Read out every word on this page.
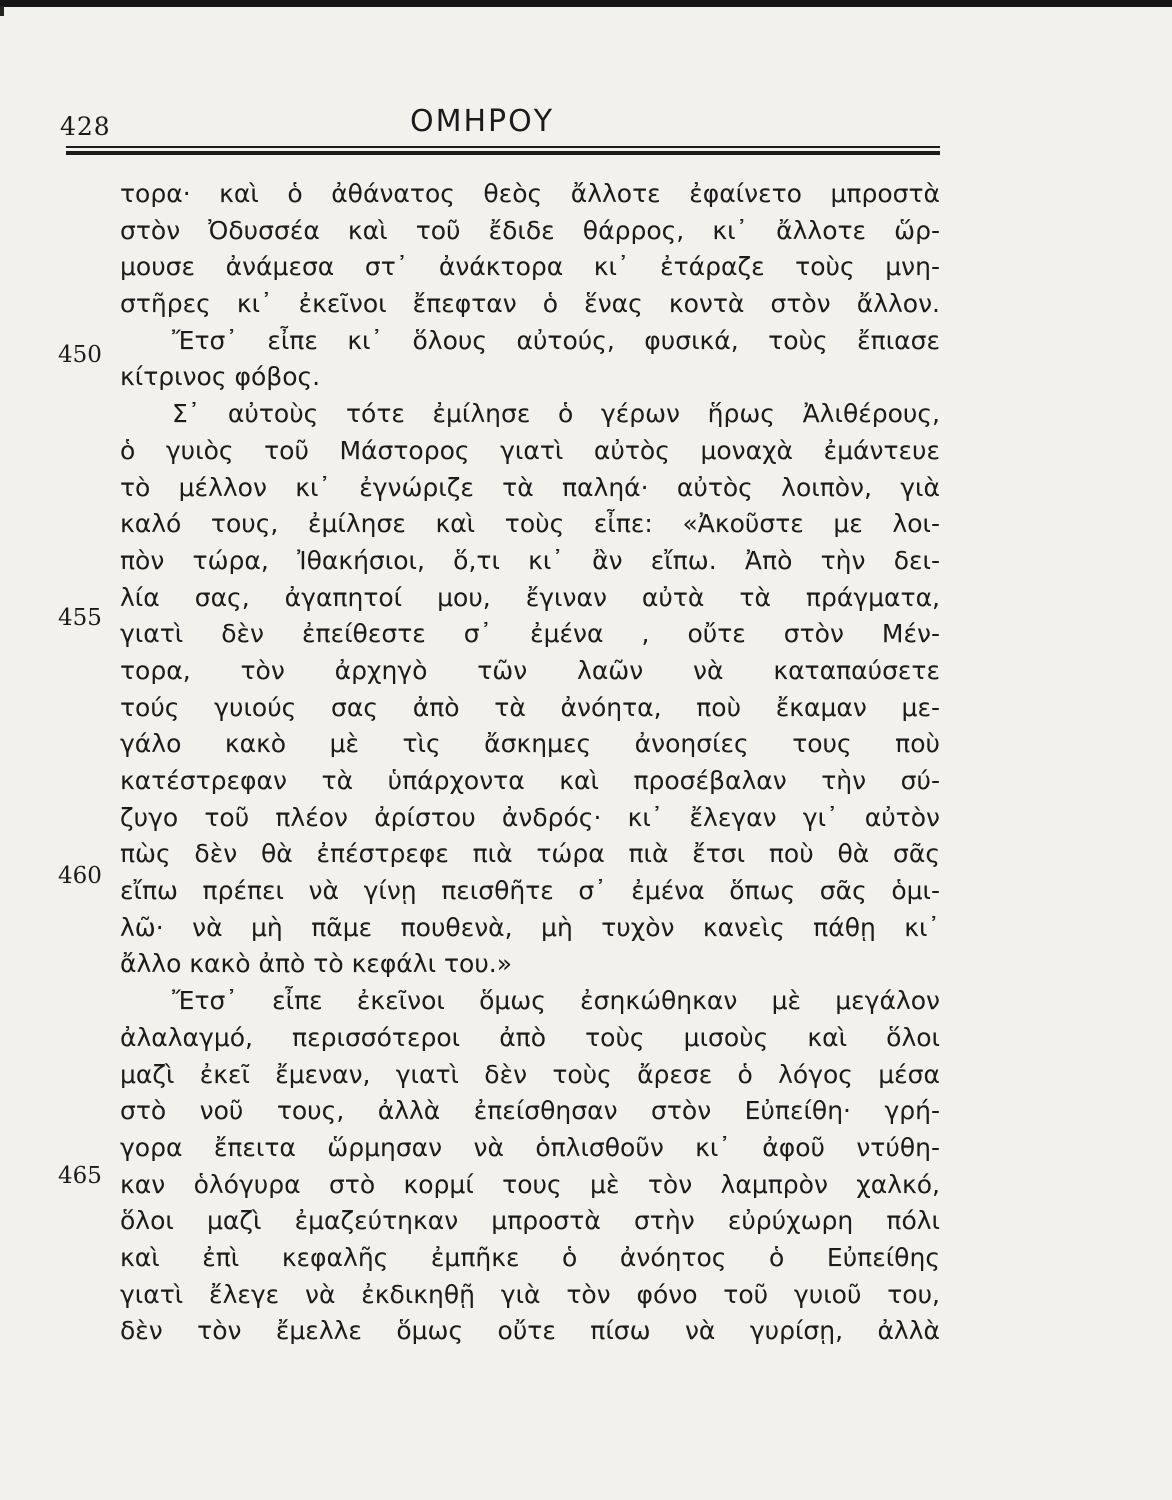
428	ΟΜΗΡΟΥ
450
455
460
465
τορα· καὶ ὁ ἀθάνατος θεὸς ἄλλοτε ἐφαίνετο μπροστὰ
στὸν Ὀδυσσέα καὶ τοῦ ἔδιδε θάρρος, κι᾿ ἄλλοτε ὥρ-
μουσε ἀνάμεσα στ᾿ ἀνάκτορα κι᾿ ἐτάραζε τοὺς μνη-
στῆρες κι᾿ ἐκεῖνοι ἔπεφταν ὁ ἕνας κοντὰ στὸν ἄλλον.
Ἔτσ᾿ εἶπε κι᾿ ὅλους αὐτούς, φυσικά, τοὺς ἔπιασε
κίτρινος φόβος.
Σ᾿ αὐτοὺς τότε ἐμίλησε ὁ γέρων ἥρως Ἀλιθέρους,
ὁ γυιὸς τοῦ Μάστορος γιατὶ αὐτὸς μοναχὰ ἐμάντευε
τὸ μέλλον κι᾿ ἐγνώριζε τὰ παληά· αὐτὸς λοιπὸν, γιὰ
καλό τους, ἐμίλησε καὶ τοὺς εἶπε: «Ἀκοῦστε με λοι-
πὸν τώρα, Ἰθακήσιοι, ὅ,τι κι᾿ ἂν εἴπω. Ἀπὸ τὴν δει-
λία σας, ἀγαπητοί μου, ἔγιναν αὐτὰ τὰ πράγματα,
γιατὶ δὲν ἐπείθεστε σ᾿ ἐμένα , οὔτε στὸν Μέν-
τορα, τὸν ἀρχηγὸ τῶν λαῶν νὰ καταπαύσετε
τούς γυιούς σας ἀπὸ τὰ ἀνόητα, ποὺ ἔκαμαν με-
γάλο κακὸ μὲ τὶς ἄσκημες ἀνοησίες τους ποὺ
κατέστρεφαν τὰ ὑπάρχοντα καὶ προσέβαλαν τὴν σύ-
ζυγο τοῦ πλέον ἀρίστου ἀνδρός· κι᾿ ἔλεγαν γι᾿ αὐτὸν
πὼς δὲν θὰ ἐπέστρεφε πιὰ τώρα πιὰ ἔτσι ποὺ θὰ σᾶς
εἴπω πρέπει νὰ γίνῃ πεισθῆτε σ᾿ ἐμένα ὅπως σᾶς ὁμι-
λῶ· νὰ μὴ πᾶμε πουθενὰ, μὴ τυχὸν κανεὶς πάθῃ κι᾿
ἄλλο κακὸ ἀπὸ τὸ κεφάλι του.»
Ἔτσ᾿ εἶπε ἐκεῖνοι ὅμως ἐσηκώθηκαν μὲ μεγάλον
ἀλαλαγμό, περισσότεροι ἀπὸ τοὺς μισοὺς καὶ ὅλοι
μαζὶ ἐκεῖ ἔμεναν, γιατὶ δὲν τοὺς ἄρεσε ὁ λόγος μέσα
στὸ νοῦ τους, ἀλλὰ ἐπείσθησαν στὸν Εὐπείθη· γρή-
γορα ἔπειτα ὥρμησαν νὰ ὁπλισθοῦν κι᾿ ἀφοῦ ντύθη-
καν ὁλόγυρα στὸ κορμί τους μὲ τὸν λαμπρὸν χαλκό,
ὅλοι μαζὶ ἐμαζεύτηκαν μπροστὰ στὴν εὐρύχωρη πόλι
καὶ ἐπὶ κεφαλῆς ἐμπῆκε ὁ ἀνόητος ὁ Εὐπείθης
γιατὶ ἔλεγε νὰ ἐκδικηθῇ γιὰ τὸν φόνο τοῦ γυιοῦ του,
δὲν τὸν ἔμελλε ὅμως οὔτε πίσω νὰ γυρίσῃ, ἀλλὰ
